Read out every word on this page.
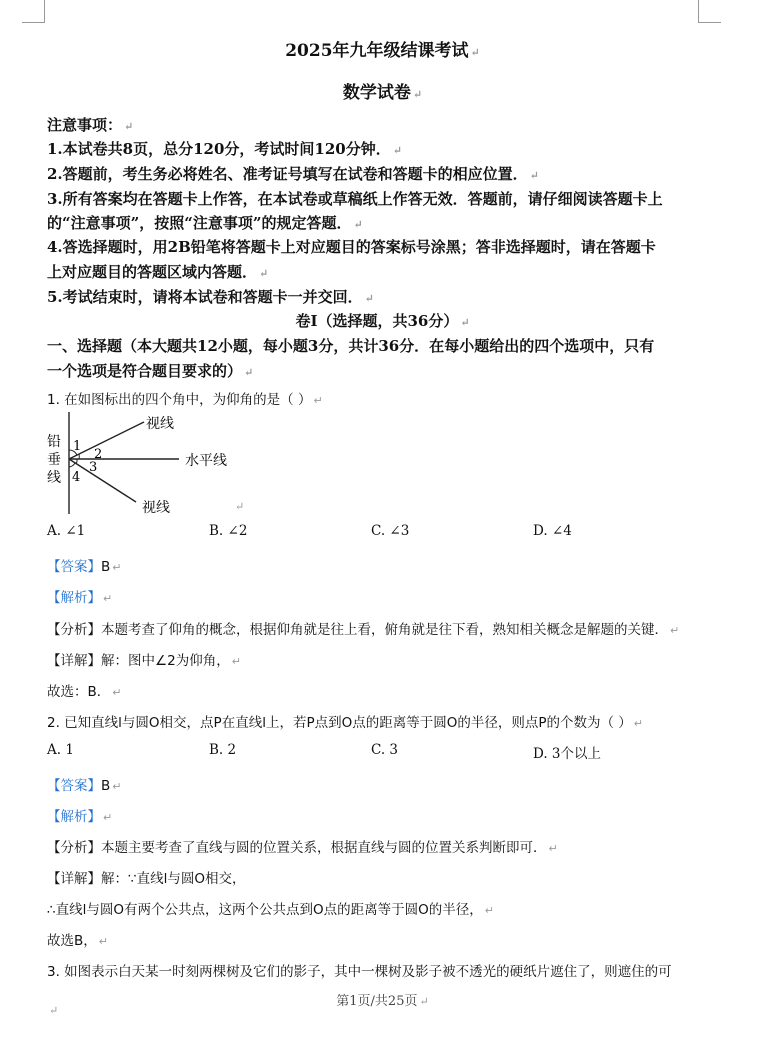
2025年九年级结课考试 ↵
数学试卷 ↵
注意事项： ↵
1.本试卷共8页，总分120分，考试时间120分钟． ↵
2.答题前，考生务必将姓名、准考证号填写在试卷和答题卡的相应位置． ↵
3.所有答案均在答题卡上作答，在本试卷或草稿纸上作答无效．答题前，请仔细阅读答题卡上
的“注意事项”，按照“注意事项”的规定答题． ↵
4.答选择题时，用2B铅笔将答题卡上对应题目的答案标号涂黑；答非选择题时，请在答题卡
上对应题目的答题区域内答题． ↵
5.考试结束时，请将本试卷和答题卡一并交回． ↵
卷Ⅰ（选择题，共36分） ↵
一、选择题（本大题共12小题，每小题3分，共计36分．在每小题给出的四个选项中，只有
一个选项是符合题目要求的） ↵
1. 在如图标出的四个角中，为仰角的是（ ） ↵
铅
垂
线
1
2
3
4
视线
水平线
视线	↵
A. ∠1	B. ∠2	C. ∠3	D. ∠4
【答案】B ↵
【解析】 ↵
【分析】本题考查了仰角的概念，根据仰角就是往上看，俯角就是往下看，熟知相关概念是解题的关键． ↵
【详解】解：图中∠2为仰角， ↵
故选：B． ↵
2. 已知直线l与圆O相交，点P在直线l上，若P点到O点的距离等于圆O的半径，则点P的个数为（ ） ↵
A. 1	B. 2	C. 3	D. 3个以上
【答案】B ↵
【解析】 ↵
【分析】本题主要考查了直线与圆的位置关系，根据直线与圆的位置关系判断即可． ↵
【详解】解：∵直线l与圆O相交，
∴直线l与圆O有两个公共点，这两个公共点到O点的距离等于圆O的半径， ↵
故选B， ↵
3. 如图表示白天某一时刻两棵树及它们的影子，其中一棵树及影子被不透光的硬纸片遮住了，则遮住的可
第1页/共25页 ↵
↵
